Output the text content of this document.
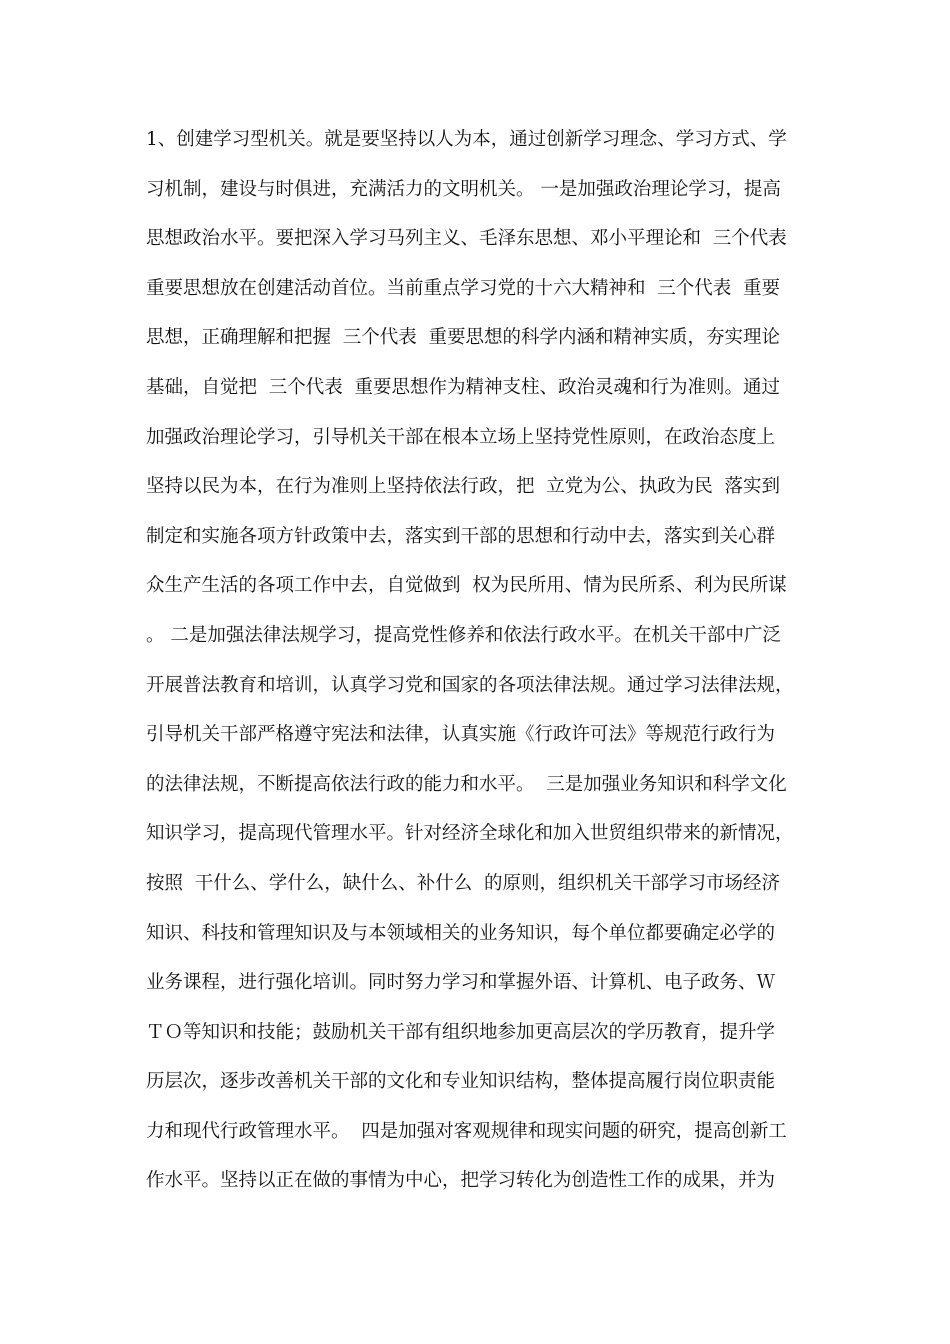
1、创建学习型机关。就是要坚持以人为本，通过创新学习理念、学习方式、学
习机制，建设与时俱进，充满活力的文明机关。 一是加强政治理论学习，提高
思想政治水平。要把深入学习马列主义、毛泽东思想、邓小平理论和  三个代表
重要思想放在创建活动首位。当前重点学习党的十六大精神和  三个代表  重要
思想，正确理解和把握  三个代表  重要思想的科学内涵和精神实质，夯实理论
基础，自觉把  三个代表  重要思想作为精神支柱、政治灵魂和行为准则。通过
加强政治理论学习，引导机关干部在根本立场上坚持党性原则，在政治态度上
坚持以民为本，在行为准则上坚持依法行政，把  立党为公、执政为民  落实到
制定和实施各项方针政策中去，落实到干部的思想和行动中去，落实到关心群
众生产生活的各项工作中去，自觉做到  权为民所用、情为民所系、利为民所谋
。 二是加强法律法规学习，提高党性修养和依法行政水平。在机关干部中广泛
开展普法教育和培训，认真学习党和国家的各项法律法规。通过学习法律法规，
引导机关干部严格遵守宪法和法律，认真实施《行政许可法》等规范行政行为
的法律法规，不断提高依法行政的能力和水平。  三是加强业务知识和科学文化
知识学习，提高现代管理水平。针对经济全球化和加入世贸组织带来的新情况，
按照  干什么、学什么，缺什么、补什么  的原则，组织机关干部学习市场经济
知识、科技和管理知识及与本领域相关的业务知识，每个单位都要确定必学的
业务课程，进行强化培训。同时努力学习和掌握外语、计算机、电子政务、Ｗ
ＴＯ等知识和技能；鼓励机关干部有组织地参加更高层次的学历教育，提升学
历层次，逐步改善机关干部的文化和专业知识结构，整体提高履行岗位职责能
力和现代行政管理水平。  四是加强对客观规律和现实问题的研究，提高创新工
作水平。坚持以正在做的事情为中心，把学习转化为创造性工作的成果，并为
